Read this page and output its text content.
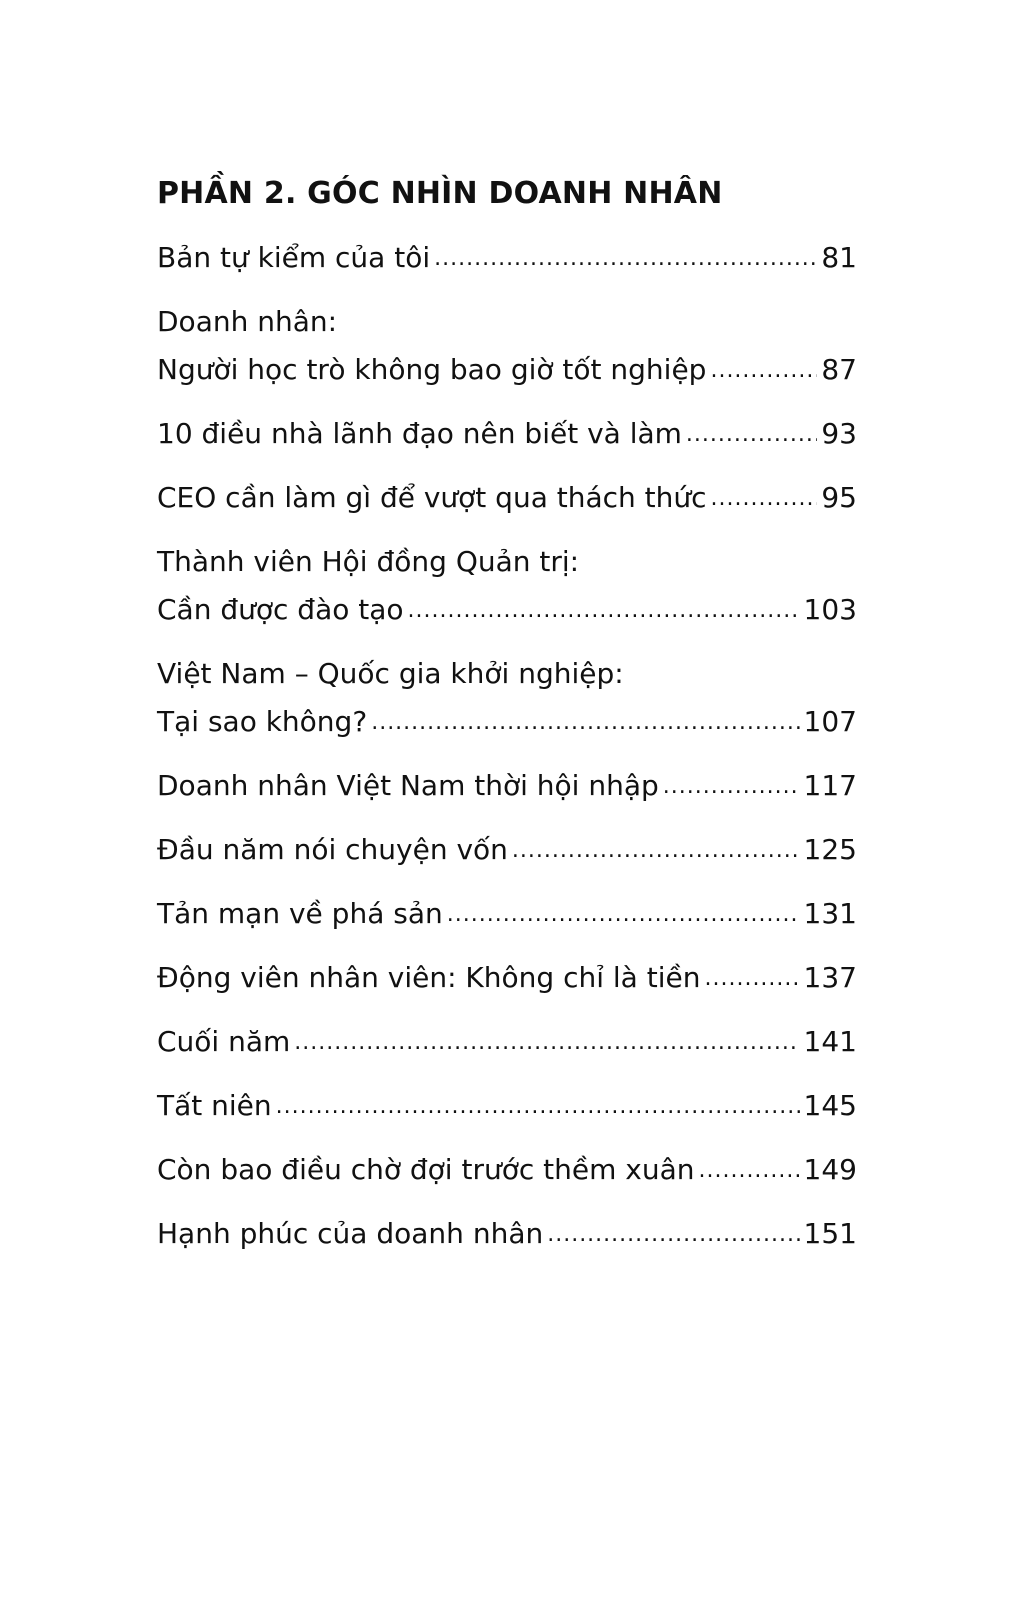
PHẦN 2. GÓC NHÌN DOANH NHÂN
Bản tự kiểm của tôi .....	81
Doanh nhân:
Người học trò không bao giờ tốt nghiệp .....	87
10 điều nhà lãnh đạo nên biết và làm .....	93
CEO cần làm gì để vượt qua thách thức .....	95
Thành viên Hội đồng Quản trị:
Cần được đào tạo .....	103
Việt Nam – Quốc gia khởi nghiệp:
Tại sao không? .....	107
Doanh nhân Việt Nam thời hội nhập .....	117
Đầu năm nói chuyện vốn .....	125
Tản mạn về phá sản .....	131
Động viên nhân viên: Không chỉ là tiền .....	137
Cuối năm .....	141
Tất niên .....	145
Còn bao điều chờ đợi trước thềm xuân .....	149
Hạnh phúc của doanh nhân .....	151
